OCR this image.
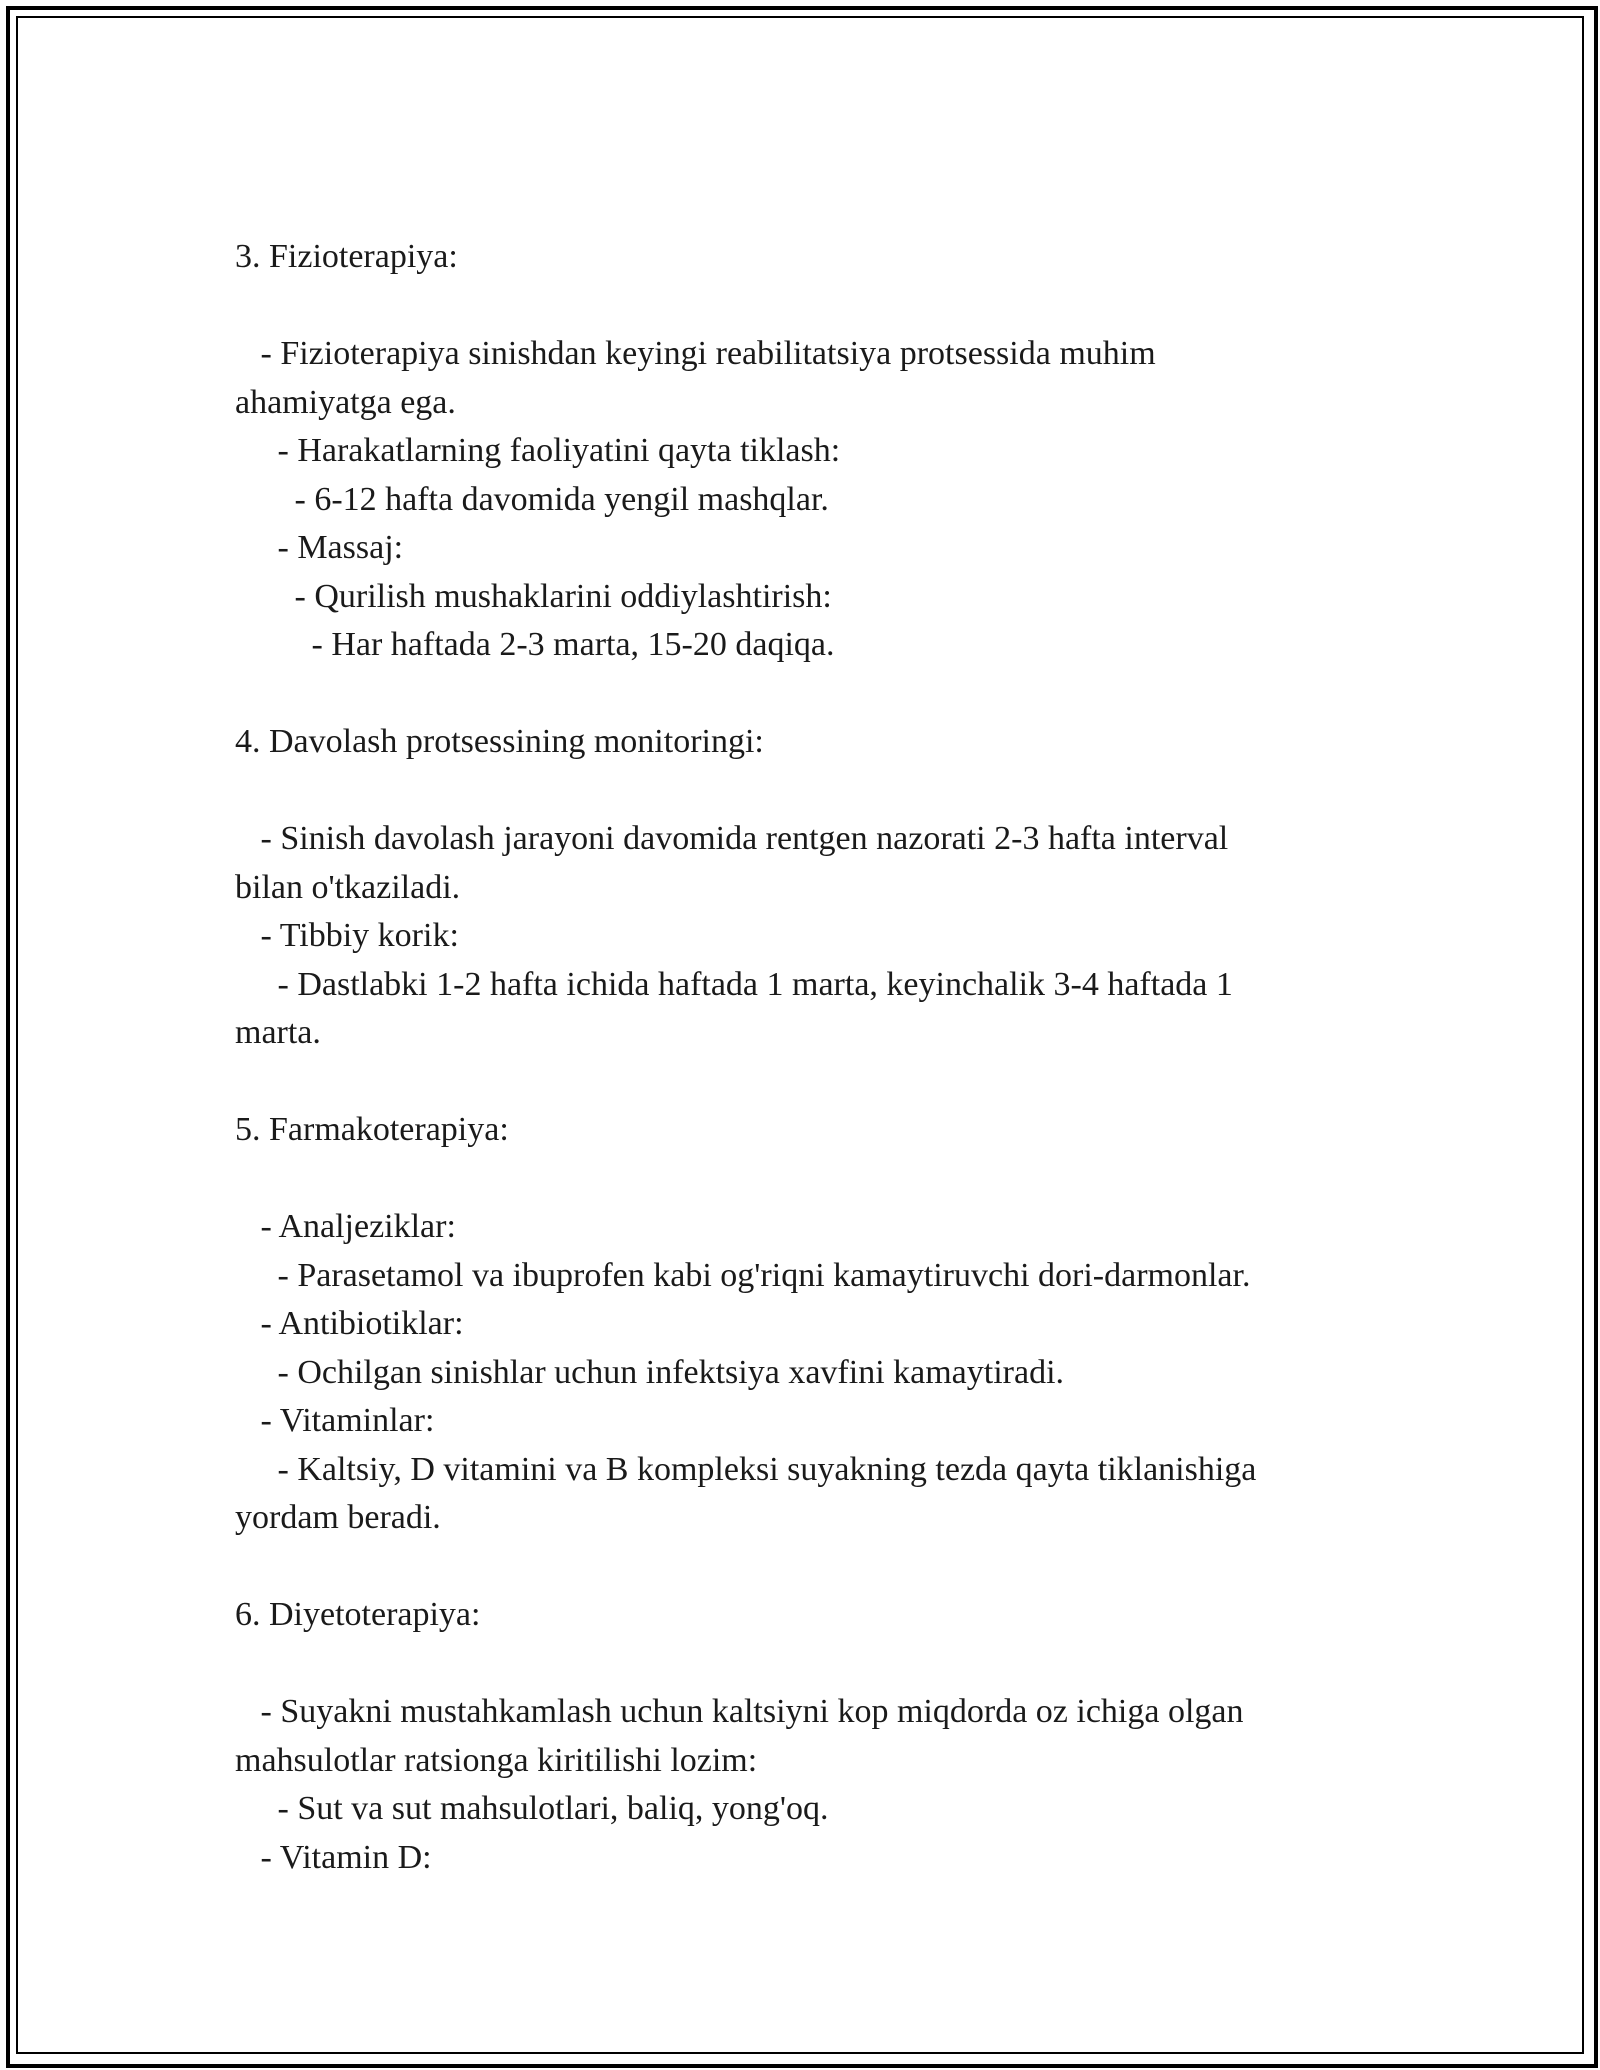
3. Fizioterapiya:

- Fizioterapiya sinishdan keyingi reabilitatsiya protsessida muhim

ahamiyatga ega.

- Harakatlarning faoliyatini qayta tiklash:

- 6-12 hafta davomida yengil mashqlar.

- Massaj:

- Qurilish mushaklarini oddiylashtirish:

- Har haftada 2-3 marta, 15-20 daqiqa.

4. Davolash protsessining monitoringi:

- Sinish davolash jarayoni davomida rentgen nazorati 2-3 hafta interval

bilan o'tkaziladi.

- Tibbiy korik:

- Dastlabki 1-2 hafta ichida haftada 1 marta, keyinchalik 3-4 haftada 1

marta.

5. Farmakoterapiya:

- Analjeziklar:

- Parasetamol va ibuprofen kabi og'riqni kamaytiruvchi dori-darmonlar.

- Antibiotiklar:

- Ochilgan sinishlar uchun infektsiya xavfini kamaytiradi.

- Vitaminlar:

- Kaltsiy, D vitamini va B kompleksi suyakning tezda qayta tiklanishiga

yordam beradi.

6. Diyetoterapiya:

- Suyakni mustahkamlash uchun kaltsiyni kop miqdorda oz ichiga olgan

mahsulotlar ratsionga kiritilishi lozim:

- Sut va sut mahsulotlari, baliq, yong'oq.

- Vitamin D:
